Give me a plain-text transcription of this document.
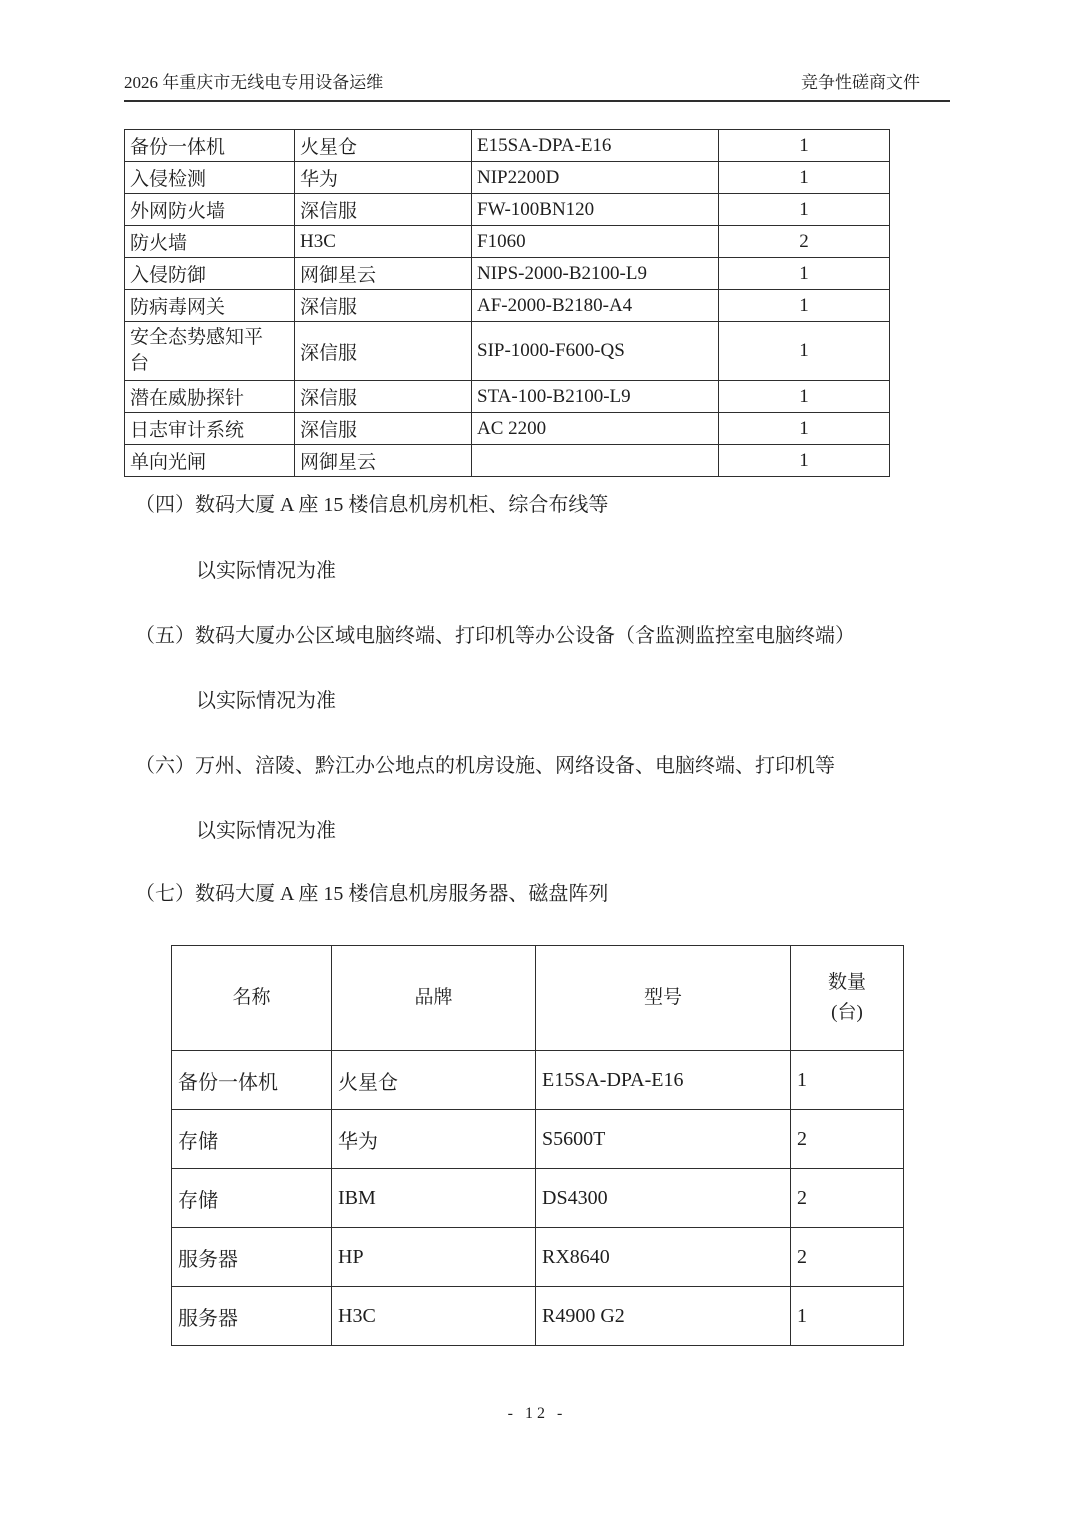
2026 年重庆市无线电专用设备运维	竞争性磋商文件
备份一体机	火星仓	E15SA-DPA-E16	1
入侵检测	华为	NIP2200D	1
外网防火墙	深信服	FW-100BN120	1
防火墙	H3C	F1060	2
入侵防御	网御星云	NIPS-2000-B2100-L9	1
防病毒网关	深信服	AF-2000-B2180-A4	1

安全态势感知平台	深信服	SIP-1000-F600-QS	1
潜在威胁探针	深信服	STA-100-B2100-L9	1
日志审计系统	深信服	AC 2200	1
单向光闸	网御星云		1
（四）数码大厦 A 座 15 楼信息机房机柜、综合布线等
以实际情况为准
（五）数码大厦办公区域电脑终端、打印机等办公设备（含监测监控室电脑终端）
以实际情况为准
（六）万州、涪陵、黔江办公地点的机房设施、网络设备、电脑终端、打印机等
以实际情况为准
（七）数码大厦 A 座 15 楼信息机房服务器、磁盘阵列
名称	品牌	型号	数量
(台)
备份一体机	火星仓	E15SA-DPA-E16	1
存储	华为	S5600T	2
存储	IBM	DS4300	2
服务器	HP	RX8640	2
服务器	H3C	R4900 G2	1
- 12 -
